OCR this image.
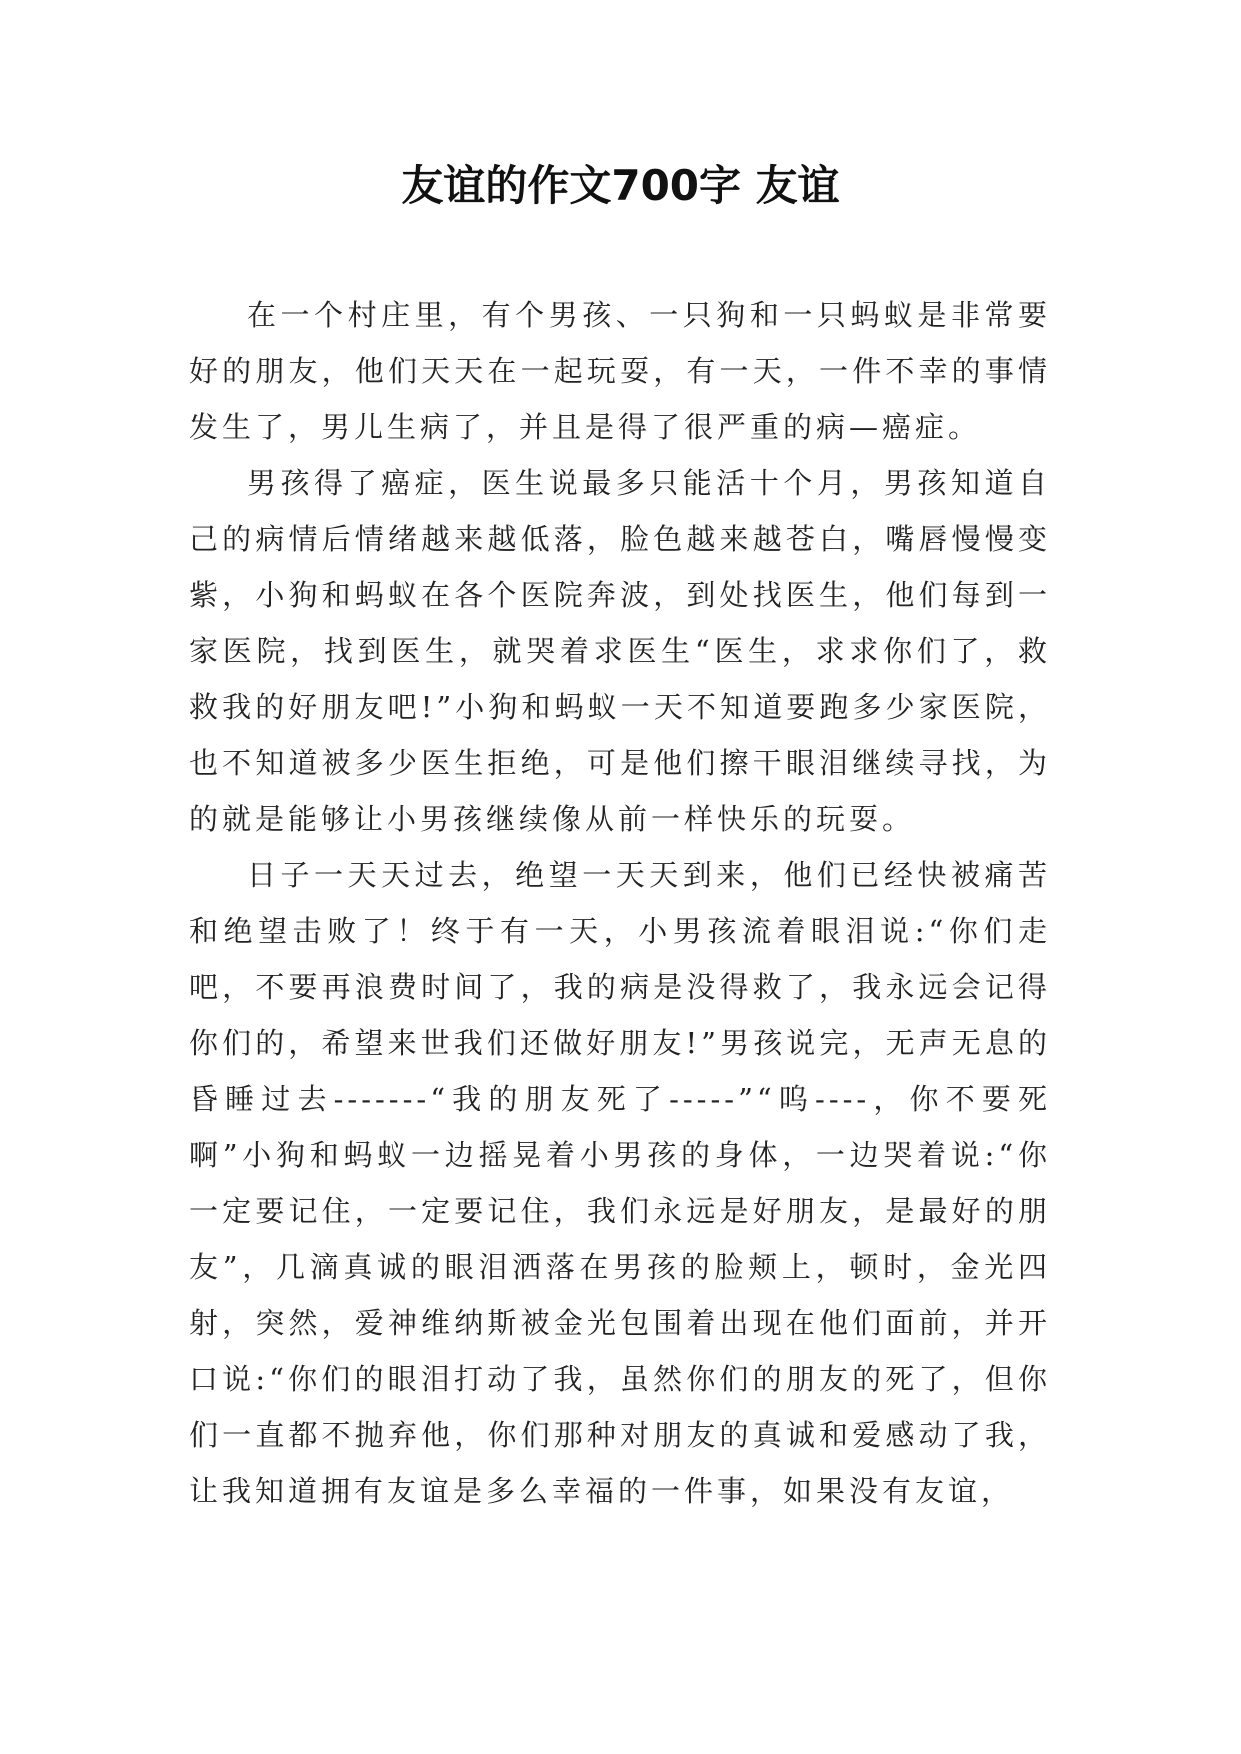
友谊的作文700字 友谊

在一个村庄里，有个男孩、一只狗和一只蚂蚁是非常要好的朋友，他们天天在一起玩耍，有一天，一件不幸的事情发生了，男儿生病了，并且是得了很严重的病—癌症。

男孩得了癌症，医生说最多只能活十个月，男孩知道自己的病情后情绪越来越低落，脸色越来越苍白，嘴唇慢慢变紫，小狗和蚂蚁在各个医院奔波，到处找医生，他们每到一家医院，找到医生，就哭着求医生“医生，求求你们了，救救我的好朋友吧!”小狗和蚂蚁一天不知道要跑多少家医院，也不知道被多少医生拒绝，可是他们擦干眼泪继续寻找，为的就是能够让小男孩继续像从前一样快乐的玩耍。

日子一天天过去，绝望一天天到来，他们已经快被痛苦和绝望击败了！终于有一天，小男孩流着眼泪说:“你们走吧，不要再浪费时间了，我的病是没得救了，我永远会记得你们的，希望来世我们还做好朋友!”男孩说完，无声无息的昏睡过去-------“我的朋友死了-----”“呜----，你不要死啊”小狗和蚂蚁一边摇晃着小男孩的身体，一边哭着说:“你一定要记住，一定要记住，我们永远是好朋友，是最好的朋友”，几滴真诚的眼泪洒落在男孩的脸颊上，顿时，金光四射，突然，爱神维纳斯被金光包围着出现在他们面前，并开口说:“你们的眼泪打动了我，虽然你们的朋友的死了，但你们一直都不抛弃他，你们那种对朋友的真诚和爱感动了我，让我知道拥有友谊是多么幸福的一件事，如果没有友谊，
